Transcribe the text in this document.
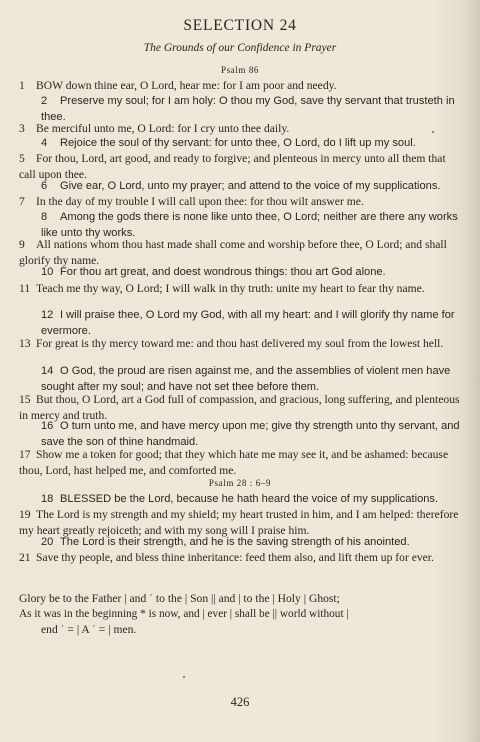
SELECTION 24
The Grounds of our Confidence in Prayer
Psalm 86
1 BOW down thine ear, O Lord, hear me: for I am poor and needy.
2 Preserve my soul; for I am holy: O thou my God, save thy servant that trusteth in thee.
3 Be merciful unto me, O Lord: for I cry unto thee daily.
4 Rejoice the soul of thy servant: for unto thee, O Lord, do I lift up my soul.
5 For thou, Lord, art good, and ready to forgive; and plenteous in mercy unto all them that call upon thee.
6 Give ear, O Lord, unto my prayer; and attend to the voice of my supplications.
7 In the day of my trouble I will call upon thee: for thou wilt answer me.
8 Among the gods there is none like unto thee, O Lord; neither are there any works like unto thy works.
9 All nations whom thou hast made shall come and worship before thee, O Lord; and shall glorify thy name.
10 For thou art great, and doest wondrous things: thou art God alone.
11 Teach me thy way, O Lord; I will walk in thy truth: unite my heart to fear thy name.
12 I will praise thee, O Lord my God, with all my heart: and I will glorify thy name for evermore.
13 For great is thy mercy toward me: and thou hast delivered my soul from the lowest hell.
14 O God, the proud are risen against me, and the assemblies of violent men have sought after my soul; and have not set thee before them.
15 But thou, O Lord, art a God full of compassion, and gracious, long suffering, and plenteous in mercy and truth.
16 O turn unto me, and have mercy upon me; give thy strength unto thy servant, and save the son of thine handmaid.
17 Show me a token for good; that they which hate me may see it, and be ashamed: because thou, Lord, hast helped me, and comforted me.
Psalm 28 : 6–9
18 BLESSED be the Lord, because he hath heard the voice of my supplications.
19 The Lord is my strength and my shield; my heart trusted in him, and I am helped: therefore my heart greatly rejoiceth; and with my song will I praise him.
20 The Lord is their strength, and he is the saving strength of his anointed.
21 Save thy people, and bless thine inheritance: feed them also, and lift them up for ever.
Glory be to the Father | and ˙ to the | Son || and | to the | Holy | Ghost;
As it was in the beginning * is now, and | ever | shall be || world without |
end ˙ = | A ˙ = | men.
426
